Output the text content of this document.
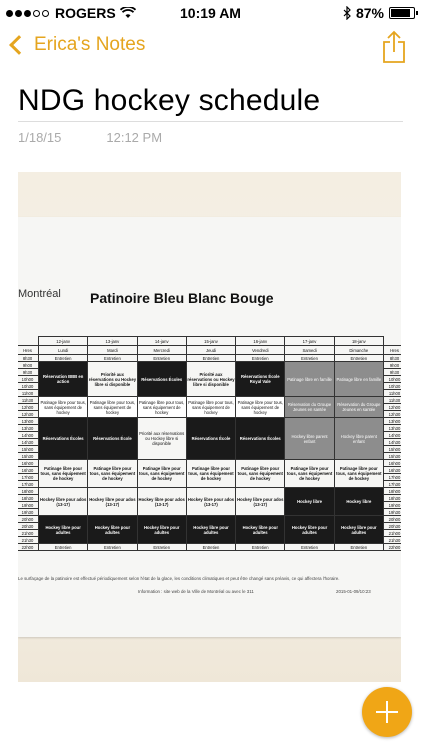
ROGERS	10:19 AM	87%
Erica's Notes
NDG hockey schedule
1/18/15	12:12 PM
Montréal Patinoire Bleu Blanc Bouge
	12-janv	13-janv	14-janv	15-janv	16-janv	17-janv	18-janv	
Hres	Lundi	Mardi	Mercredi	Jeudi	Vendredi	Samedi	Dimanche	Hres
8h30	Entretien	Entretien	Entretien	Entretien	Entretien	Entretien	Entretien	8h30
9h00	Réservation BBB en action	Priorité aux réservations ou Hockey libre si disponible	Réservations Écoles	Priorité aux réservations ou Hockey libre si disponible	Réservations École Royal Vale	Patinage libre en famille	Patinage libre en famille	9h00
9h30								9h30
10h00								10h00
10h30								10h30
11h00								11h00
11h30	Patinage libre pour tous, sans équipement de hockey	Patinage libre pour tous, sans équipement de hockey	Patinage libre pour tous, sans équipement de hockey	Patinage libre pour tous, sans équipement de hockey	Patinage libre pour tous, sans équipement de hockey	Réservation du Groupe Jeunes en santée	Réservation du Groupe Jeunes en santée	11h30
12h00								12h00
12h30								12h30
13h00	Réservations Écoles	Réservations École	Priorité aux réservations ou Hockey libre si disponible	Réservations École	Réservations Écoles	Hockey libre parent enfant	Hockey libre parent enfant	13h00
13h30								13h30
14h00								14h00
14h30								14h30
15h00								15h00
15h30								15h30
16h00	Patinage libre pour tous, sans équipement de hockey	Patinage libre pour tous, sans équipement de hockey	Patinage libre pour tous, sans équipement de hockey	Patinage libre pour tous, sans équipement de hockey	Patinage libre pour tous, sans équipement de hockey	Patinage libre pour tous, sans équipement de hockey	Patinage libre pour tous, sans équipement de hockey	16h00
16h30								16h30
17h00								17h00
17h30								17h30
18h00	Hockey libre pour ados (13-17)	Hockey libre pour ados (13-17)	Hockey libre pour ados (13-17)	Hockey libre pour ados (13-17)	Hockey libre pour ados (13-17)	Hockey libre	Hockey libre	18h00
18h30								18h30
19h00								19h00
19h30								19h30
20h00	Hockey libre pour adultes	Hockey libre pour adultes	Hockey libre pour adultes	Hockey libre pour adultes	Hockey libre pour adultes	Hockey libre pour adultes	Hockey libre pour adultes	20h00
20h30								20h30
21h00								21h00
21h30								21h30
22h00	Entretien	Entretien	Entretien	Entretien	Entretien	Entretien	Entretien	22h00
Le surfaçage de la patinoire est effectué périodiquement selon l'état de la glace, les conditions climatiques et peut être changé sans préavis, ce qui affectera l'horaire.
Information : site web de la Ville de Montréal ou avec le 311	2015-01-09/10:23
